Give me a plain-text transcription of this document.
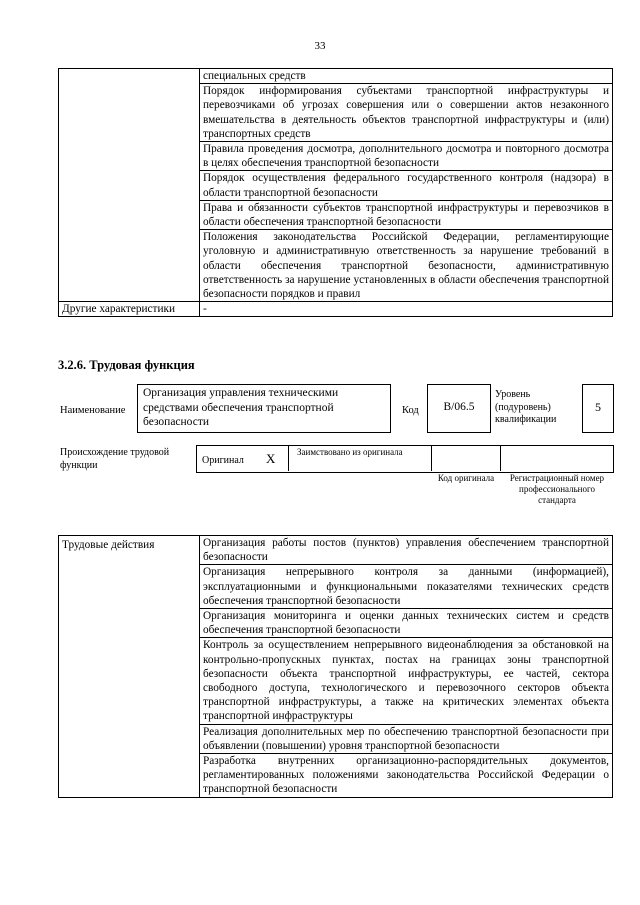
33
	специальных средств
	Порядок информирования субъектами транспортной инфраструктуры и перевозчиками об угрозах совершения или о совершении актов незаконного вмешательства в деятельность объектов транспортной инфраструктуры и (или) транспортных средств
	Правила проведения досмотра, дополнительного досмотра и повторного досмотра в целях обеспечения транспортной безопасности
	Порядок осуществления федерального государственного контроля (надзора) в области транспортной безопасности
	Права и обязанности субъектов транспортной инфраструктуры и перевозчиков в области обеспечения транспортной безопасности
	Положения законодательства Российской Федерации, регламентирующие уголовную и административную ответственность за нарушение требований в области обеспечения транспортной безопасности, административную ответственность за нарушение установленных в области обеспечения транспортной безопасности порядков и правил
Другие характеристики	-
3.2.6. Трудовая функция
Наименование
Организация управления техническими средствами обеспечения транспортной безопасности
Код	B/06.5
Уровень (подуровень) квалификации
5
Происхождение трудовой функции	Оригинал X Заимствовано из оригинала
Код оригинала	Регистрационный номер профессионального стандарта
Трудовые действия	Организация работы постов (пунктов) управления обеспечением транспортной безопасности
Организация непрерывного контроля за данными (информацией), эксплуатационными и функциональными показателями технических средств обеспечения транспортной безопасности
Организация мониторинга и оценки данных технических систем и средств обеспечения транспортной безопасности
Контроль за осуществлением непрерывного видеонаблюдения за обстановкой на контрольно-пропускных пунктах, постах на границах зоны транспортной безопасности объекта транспортной инфраструктуры, ее частей, сектора свободного доступа, технологического и перевозочного секторов объекта транспортной инфраструктуры, а также на критических элементах объекта транспортной инфраструктуры
Реализация дополнительных мер по обеспечению транспортной безопасности при объявлении (повышении) уровня транспортной безопасности
Разработка внутренних организационно-распорядительных документов, регламентированных положениями законодательства Российской Федерации о транспортной безопасности
